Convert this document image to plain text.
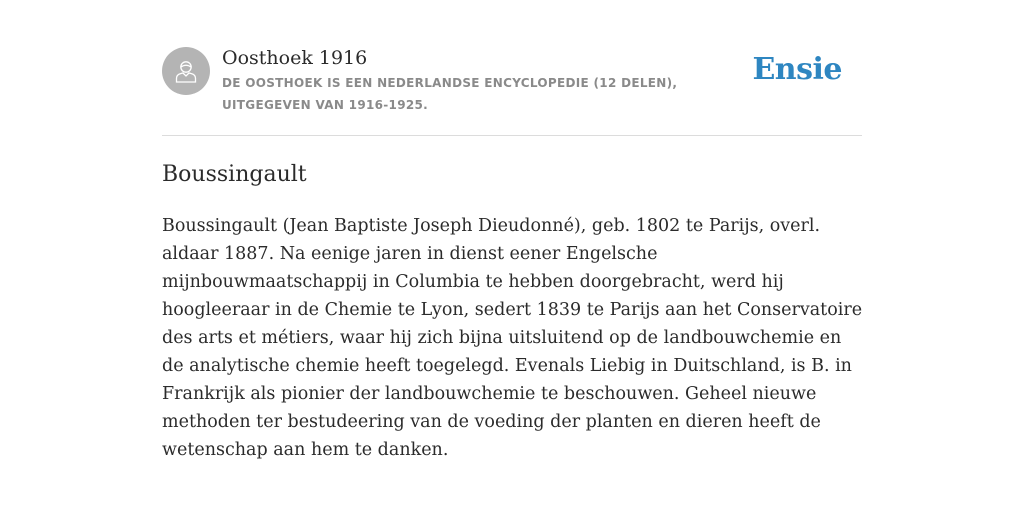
Oosthoek 1916
DE OOSTHOEK IS EEN NEDERLANDSE ENCYCLOPEDIE (12 DELEN), UITGEGEVEN VAN 1916-1925.
Ensie
Boussingault

Boussingault (Jean Baptiste Joseph Dieudonné), geb. 1802 te Parijs, overl. aldaar 1887. Na eenige jaren in dienst eener Engelsche mijnbouwmaatschappij in Columbia te hebben doorgebracht, werd hij hoogleeraar in de Chemie te Lyon, sedert 1839 te Parijs aan het Conservatoire des arts et métiers, waar hij zich bijna uitsluitend op de landbouwchemie en de analytische chemie heeft toegelegd. Evenals Liebig in Duitschland, is B. in Frankrijk als pionier der landbouwchemie te beschouwen. Geheel nieuwe methoden ter bestudeering van de voeding der planten en dieren heeft de wetenschap aan hem te danken.
